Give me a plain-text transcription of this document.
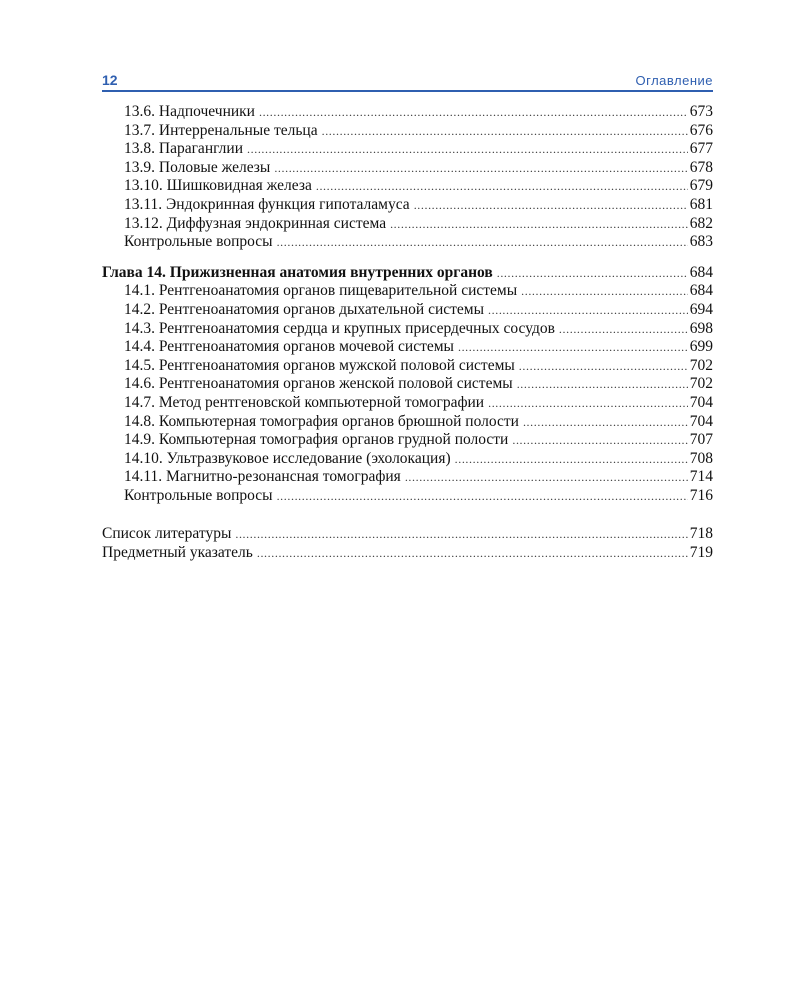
12	Оглавление
13.6. Надпочечники .....	673
13.7. Интерренальные тельца .....	676
13.8. Параганглии .....	677
13.9. Половые железы .....	678
13.10. Шишковидная железа .....	679
13.11. Эндокринная функция гипоталамуса .....	681
13.12. Диффузная эндокринная система .....	682
Контрольные вопросы .....	683
Глава 14. Прижизненная анатомия внутренних органов .....	684
14.1. Рентгеноанатомия органов пищеварительной системы .....	684
14.2. Рентгеноанатомия органов дыхательной системы .....	694
14.3. Рентгеноанатомия сердца и крупных присердечных сосудов .....	698
14.4. Рентгеноанатомия органов мочевой системы .....	699
14.5. Рентгеноанатомия органов мужской половой системы .....	702
14.6. Рентгеноанатомия органов женской половой системы .....	702
14.7. Метод рентгеновской компьютерной томографии .....	704
14.8. Компьютерная томография органов брюшной полости .....	704
14.9. Компьютерная томография органов грудной полости .....	707
14.10. Ультразвуковое исследование (эхолокация) .....	708
14.11. Магнитно-резонансная томография .....	714
Контрольные вопросы .....	716
Список литературы .....	718
Предметный указатель .....	719
